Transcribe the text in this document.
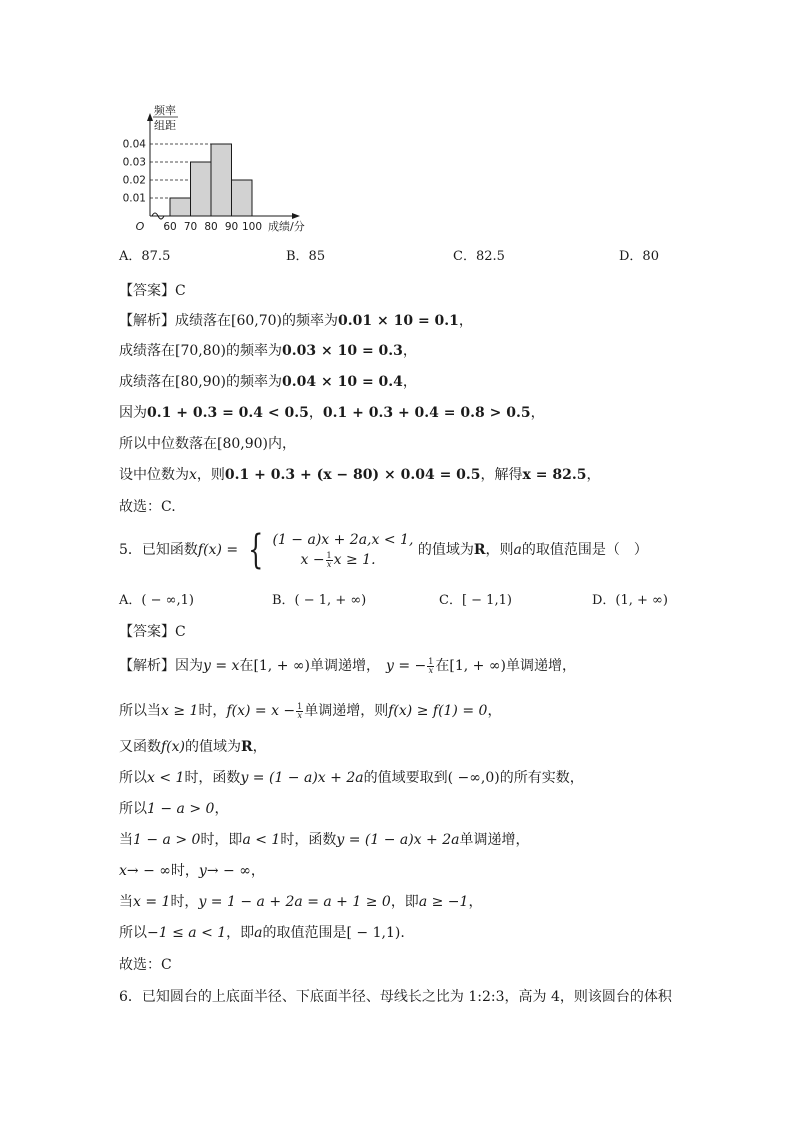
0.01
0.02
0.03
0.04
60 70 80 90 100
O
频率
组距
成绩/分
A．87.5	B．85	C．82.5	D．80
【答案】C
【解析】成绩落在[60,70)的频率为0.01 × 10 = 0.1，
成绩落在[70,80)的频率为0.03 × 10 = 0.3，
成绩落在[80,90)的频率为0.04 × 10 = 0.4，
因为0.1 + 0.3 = 0.4 < 0.5，0.1 + 0.3 + 0.4 = 0.8 > 0.5，
所以中位数落在[80,90)内，
设中位数为x，则0.1 + 0.3 + (x − 80) × 0.04 = 0.5，解得x = 82.5，
故选：C.
5．已知函数f(x) = { (1 − a)x + 2a,x < 1,
$x - \frac{1}{x}$ x ≥ 1.
的值域为R，则a的取值范围是（　）
A．( − ∞,1)	B．( − 1, + ∞)	C．[ − 1,1)	D．(1, + ∞)
【答案】C
【解析】因为y = x在[1, + ∞)单调递增， y = − $\frac{1}{x}$ 在[1, + ∞)单调递增，
所以当x ≥ 1时，$f(x) = x - \frac{1}{x}$ 单调递增，则f(x) ≥ f(1) = 0，
又函数f(x)的值域为R，
所以x < 1时，函数y = (1 − a)x + 2a的值域要取到( −∞,0)的所有实数，
所以1 − a > 0，
当1 − a > 0时，即a < 1时，函数y = (1 − a)x + 2a单调递增，
x→ − ∞时，y→ − ∞，
当x = 1时，y = 1 − a + 2a = a + 1 ≥ 0，即a ≥ −1，
所以−1 ≤ a < 1，即a的取值范围是[ − 1,1).
故选：C
6．已知圆台的上底面半径、下底面半径、母线长之比为 1:2:3，高为 4，则该圆台的体积
